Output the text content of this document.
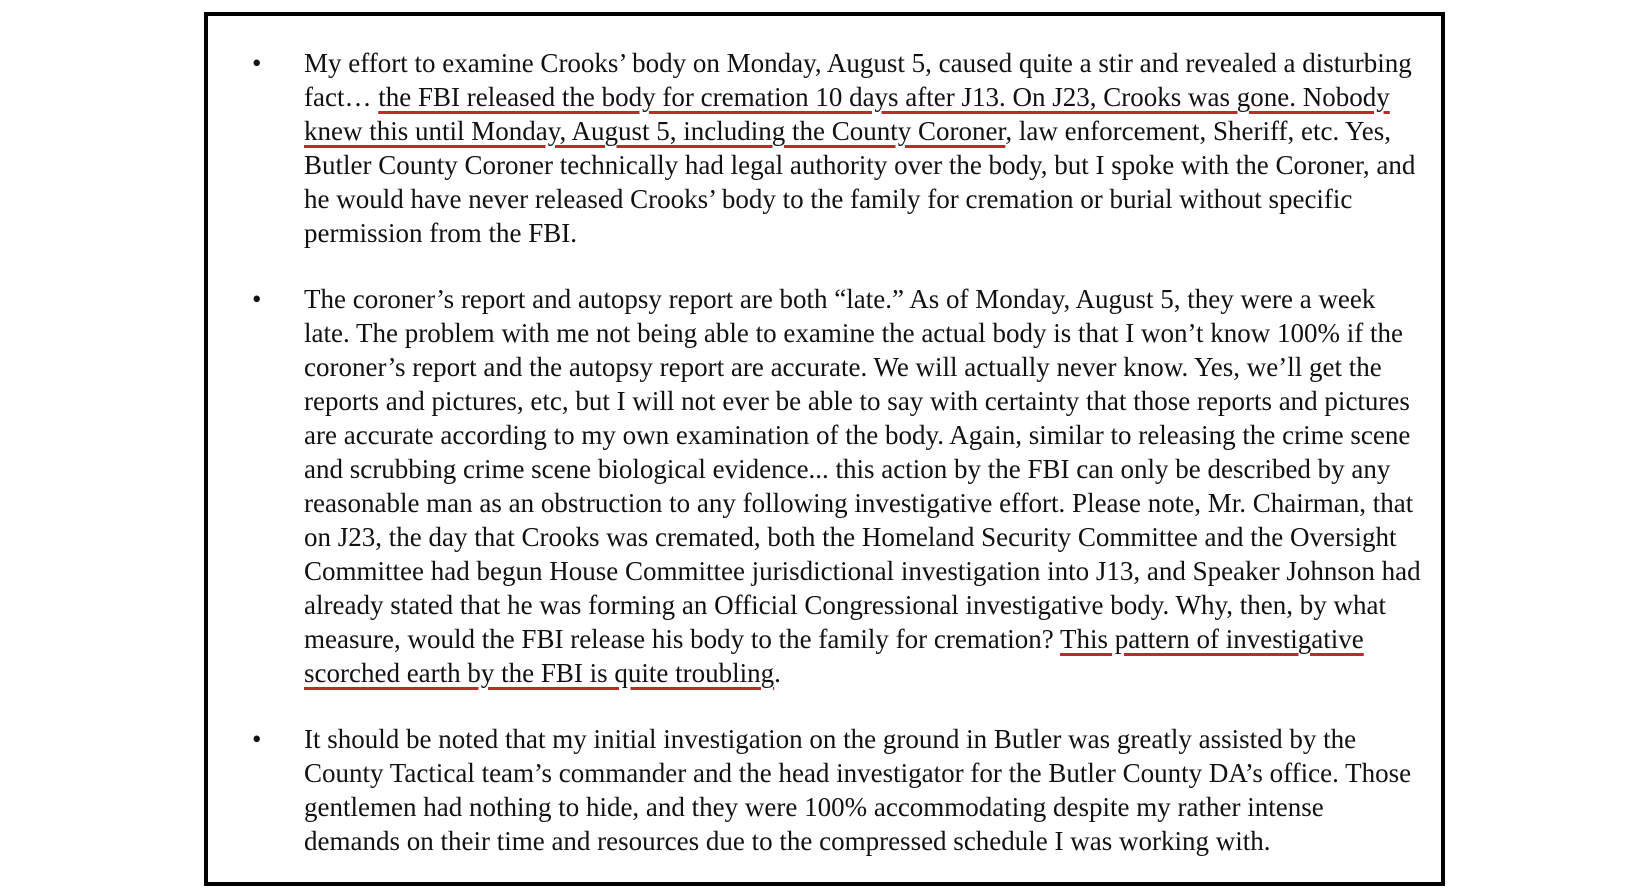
• My effort to examine Crooks’ body on Monday, August 5, caused quite a stir and revealed a disturbing fact… the FBI released the body for cremation 10 days after J13. On J23, Crooks was gone. Nobody knew this until Monday, August 5, including the County Coroner, law enforcement, Sheriff, etc. Yes, Butler County Coroner technically had legal authority over the body, but I spoke with the Coroner, and he would have never released Crooks’ body to the family for cremation or burial without specific permission from the FBI.
• The coroner’s report and autopsy report are both “late.” As of Monday, August 5, they were a week late. The problem with me not being able to examine the actual body is that I won’t know 100% if the coroner’s report and the autopsy report are accurate. We will actually never know. Yes, we’ll get the reports and pictures, etc, but I will not ever be able to say with certainty that those reports and pictures are accurate according to my own examination of the body. Again, similar to releasing the crime scene and scrubbing crime scene biological evidence... this action by the FBI can only be described by any reasonable man as an obstruction to any following investigative effort. Please note, Mr. Chairman, that on J23, the day that Crooks was cremated, both the Homeland Security Committee and the Oversight Committee had begun House Committee jurisdictional investigation into J13, and Speaker Johnson had already stated that he was forming an Official Congressional investigative body. Why, then, by what measure, would the FBI release his body to the family for cremation? This pattern of investigative scorched earth by the FBI is quite troubling.
• It should be noted that my initial investigation on the ground in Butler was greatly assisted by the County Tactical team’s commander and the head investigator for the Butler County DA’s office. Those gentlemen had nothing to hide, and they were 100% accommodating despite my rather intense demands on their time and resources due to the compressed schedule I was working with.
